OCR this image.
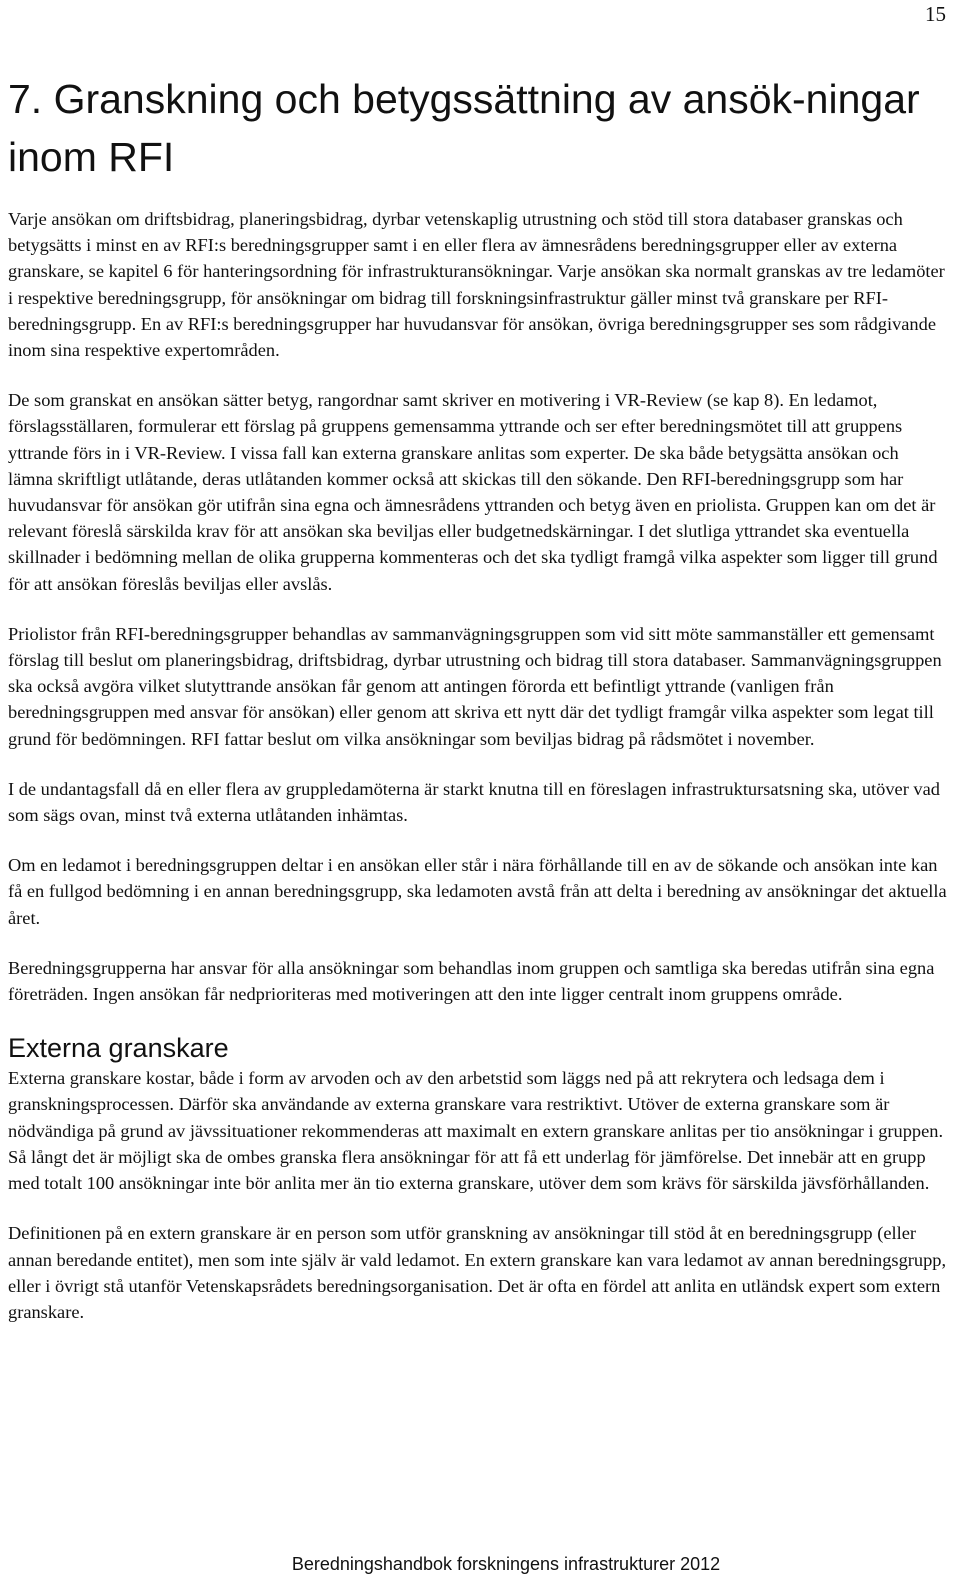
15
7. Granskning och betygssättning av ansök-ningar inom RFI

Varje ansökan om driftsbidrag, planeringsbidrag, dyrbar vetenskaplig utrustning och stöd till stora databaser granskas och betygsätts i minst en av RFI:s beredningsgrupper samt i en eller flera av ämnesrådens beredningsgrupper eller av externa granskare, se kapitel 6 för hanteringsordning för infrastrukturansökningar. Varje ansökan ska normalt granskas av tre ledamöter i respektive beredningsgrupp, för ansökningar om bidrag till forskningsinfrastruktur gäller minst två granskare per RFI-beredningsgrupp. En av RFI:s beredningsgrupper har huvudansvar för ansökan, övriga beredningsgrupper ses som rådgivande inom sina respektive expertområden.

De som granskat en ansökan sätter betyg, rangordnar samt skriver en motivering i VR-Review (se kap 8). En ledamot, förslagsställaren, formulerar ett förslag på gruppens gemensamma yttrande och ser efter beredningsmötet till att gruppens yttrande förs in i VR-Review. I vissa fall kan externa granskare anlitas som experter. De ska både betygsätta ansökan och lämna skriftligt utlåtande, deras utlåtanden kommer också att skickas till den sökande. Den RFI-beredningsgrupp som har huvudansvar för ansökan gör utifrån sina egna och ämnesrådens yttranden och betyg även en priolista. Gruppen kan om det är relevant föreslå särskilda krav för att ansökan ska beviljas eller budgetnedskärningar. I det slutliga yttrandet ska eventuella skillnader i bedömning mellan de olika grupperna kommenteras och det ska tydligt framgå vilka aspekter som ligger till grund för att ansökan föreslås beviljas eller avslås.

Priolistor från RFI-beredningsgrupper behandlas av sammanvägningsgruppen som vid sitt möte sammanställer ett gemensamt förslag till beslut om planeringsbidrag, driftsbidrag, dyrbar utrustning och bidrag till stora databaser. Sammanvägningsgruppen ska också avgöra vilket slutyttrande ansökan får genom att antingen förorda ett befintligt yttrande (vanligen från beredningsgruppen med ansvar för ansökan) eller genom att skriva ett nytt där det tydligt framgår vilka aspekter som legat till grund för bedömningen. RFI fattar beslut om vilka ansökningar som beviljas bidrag på rådsmötet i november.

I de undantagsfall då en eller flera av gruppledamöterna är starkt knutna till en föreslagen infrastruktursatsning ska, utöver vad som sägs ovan, minst två externa utlåtanden inhämtas.

Om en ledamot i beredningsgruppen deltar i en ansökan eller står i nära förhållande till en av de sökande och ansökan inte kan få en fullgod bedömning i en annan beredningsgrupp, ska ledamoten avstå från att delta i beredning av ansökningar det aktuella året.

Beredningsgrupperna har ansvar för alla ansökningar som behandlas inom gruppen och samtliga ska beredas utifrån sina egna företräden. Ingen ansökan får nedprioriteras med motiveringen att den inte ligger centralt inom gruppens område.

Externa granskare

Externa granskare kostar, både i form av arvoden och av den arbetstid som läggs ned på att rekrytera och ledsaga dem i granskningsprocessen. Därför ska användande av externa granskare vara restriktivt. Utöver de externa granskare som är nödvändiga på grund av jävssituationer rekommenderas att maximalt en extern granskare anlitas per tio ansökningar i gruppen. Så långt det är möjligt ska de ombes granska flera ansökningar för att få ett underlag för jämförelse. Det innebär att en grupp med totalt 100 ansökningar inte bör anlita mer än tio externa granskare, utöver dem som krävs för särskilda jävsförhållanden.

Definitionen på en extern granskare är en person som utför granskning av ansökningar till stöd åt en beredningsgrupp (eller annan beredande entitet), men som inte själv är vald ledamot. En extern granskare kan vara ledamot av annan beredningsgrupp, eller i övrigt stå utanför Vetenskapsrådets beredningsorganisation. Det är ofta en fördel att anlita en utländsk expert som extern granskare.

Beredningshandbok forskningens infrastrukturer 2012
